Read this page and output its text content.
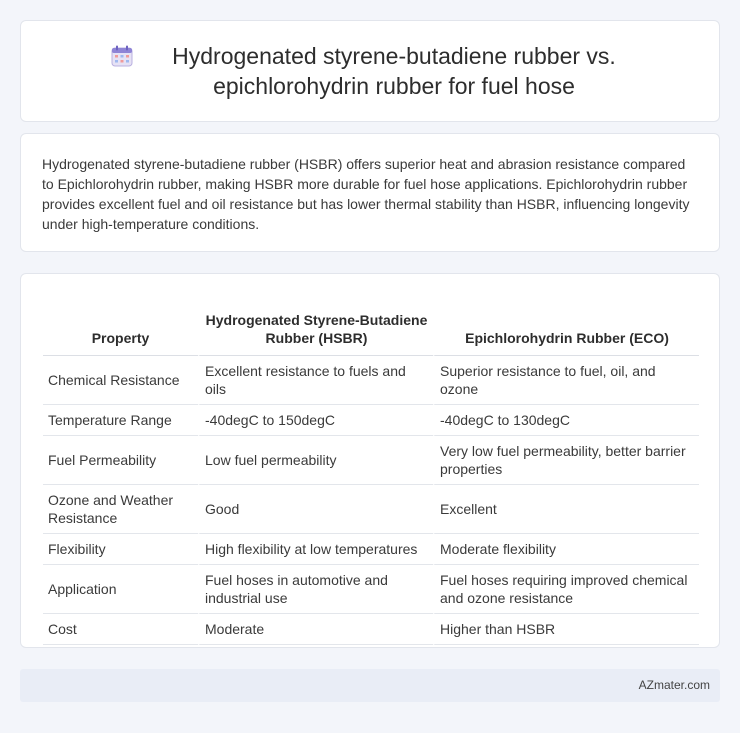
Hydrogenated styrene-butadiene rubber vs. epichlorohydrin rubber for fuel hose

Hydrogenated styrene-butadiene rubber (HSBR) offers superior heat and abrasion resistance compared to Epichlorohydrin rubber, making HSBR more durable for fuel hose applications. Epichlorohydrin rubber provides excellent fuel and oil resistance but has lower thermal stability than HSBR, influencing longevity under high-temperature conditions.

Property	Hydrogenated Styrene-Butadiene Rubber (HSBR)	Epichlorohydrin Rubber (ECO)
Chemical Resistance	Excellent resistance to fuels and oils	Superior resistance to fuel, oil, and ozone
Temperature Range	-40degC to 150degC	-40degC to 130degC
Fuel Permeability	Low fuel permeability	Very low fuel permeability, better barrier properties
Ozone and Weather Resistance	Good	Excellent
Flexibility	High flexibility at low temperatures	Moderate flexibility
Application	Fuel hoses in automotive and industrial use	Fuel hoses requiring improved chemical and ozone resistance
Cost	Moderate	Higher than HSBR
AZmater.com
